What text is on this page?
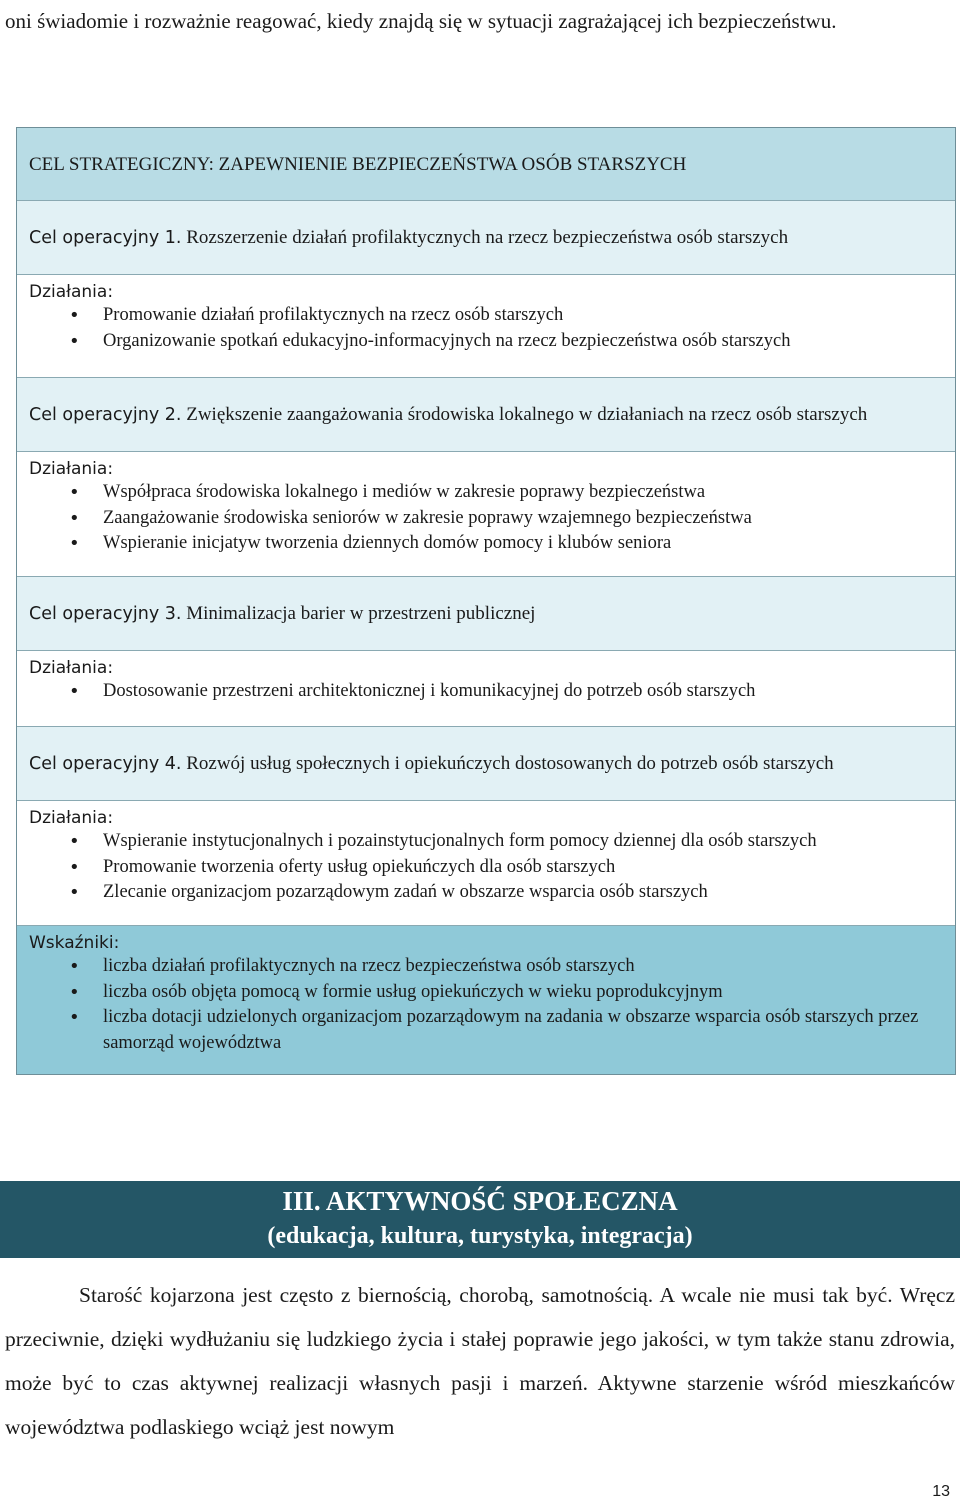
oni świadomie i rozważnie reagować, kiedy znajdą się w sytuacji zagrażającej ich bezpieczeństwu.
CEL STRATEGICZNY: ZAPEWNIENIE BEZPIECZEŃSTWA OSÓB STARSZYCH
Cel operacyjny 1. Rozszerzenie działań profilaktycznych na rzecz bezpieczeństwa osób starszych
Działania:
• Promowanie działań profilaktycznych na rzecz osób starszych
• Organizowanie spotkań edukacyjno-informacyjnych na rzecz bezpieczeństwa osób starszych
Cel operacyjny 2. Zwiększenie zaangażowania środowiska lokalnego w działaniach na rzecz osób starszych
Działania:
• Współpraca środowiska lokalnego i mediów w zakresie poprawy bezpieczeństwa
• Zaangażowanie środowiska seniorów w zakresie poprawy wzajemnego bezpieczeństwa
• Wspieranie inicjatyw tworzenia dziennych domów pomocy i klubów seniora
Cel operacyjny 3. Minimalizacja barier w przestrzeni publicznej
Działania:
• Dostosowanie przestrzeni architektonicznej i komunikacyjnej do potrzeb osób starszych
Cel operacyjny 4. Rozwój usług społecznych i opiekuńczych dostosowanych do potrzeb osób starszych
Działania:
• Wspieranie instytucjonalnych i pozainstytucjonalnych form pomocy dziennej dla osób starszych
• Promowanie tworzenia oferty usług opiekuńczych dla osób starszych
• Zlecanie organizacjom pozarządowym zadań w obszarze wsparcia osób starszych
Wskaźniki:
• liczba działań profilaktycznych na rzecz bezpieczeństwa osób starszych
• liczba osób objęta pomocą w formie usług opiekuńczych w wieku poprodukcyjnym
• liczba dotacji udzielonych organizacjom pozarządowym na zadania w obszarze wsparcia osób starszych przez samorząd województwa
III. AKTYWNOŚĆ SPOŁECZNA
(edukacja, kultura, turystyka, integracja)
Starość kojarzona jest często z biernością, chorobą, samotnością. A wcale nie musi tak być. Wręcz przeciwnie, dzięki wydłużaniu się ludzkiego życia i stałej poprawie jego jakości, w tym także stanu zdrowia, może być to czas aktywnej realizacji własnych pasji i marzeń. Aktywne starzenie wśród mieszkańców województwa podlaskiego wciąż jest nowym
13
